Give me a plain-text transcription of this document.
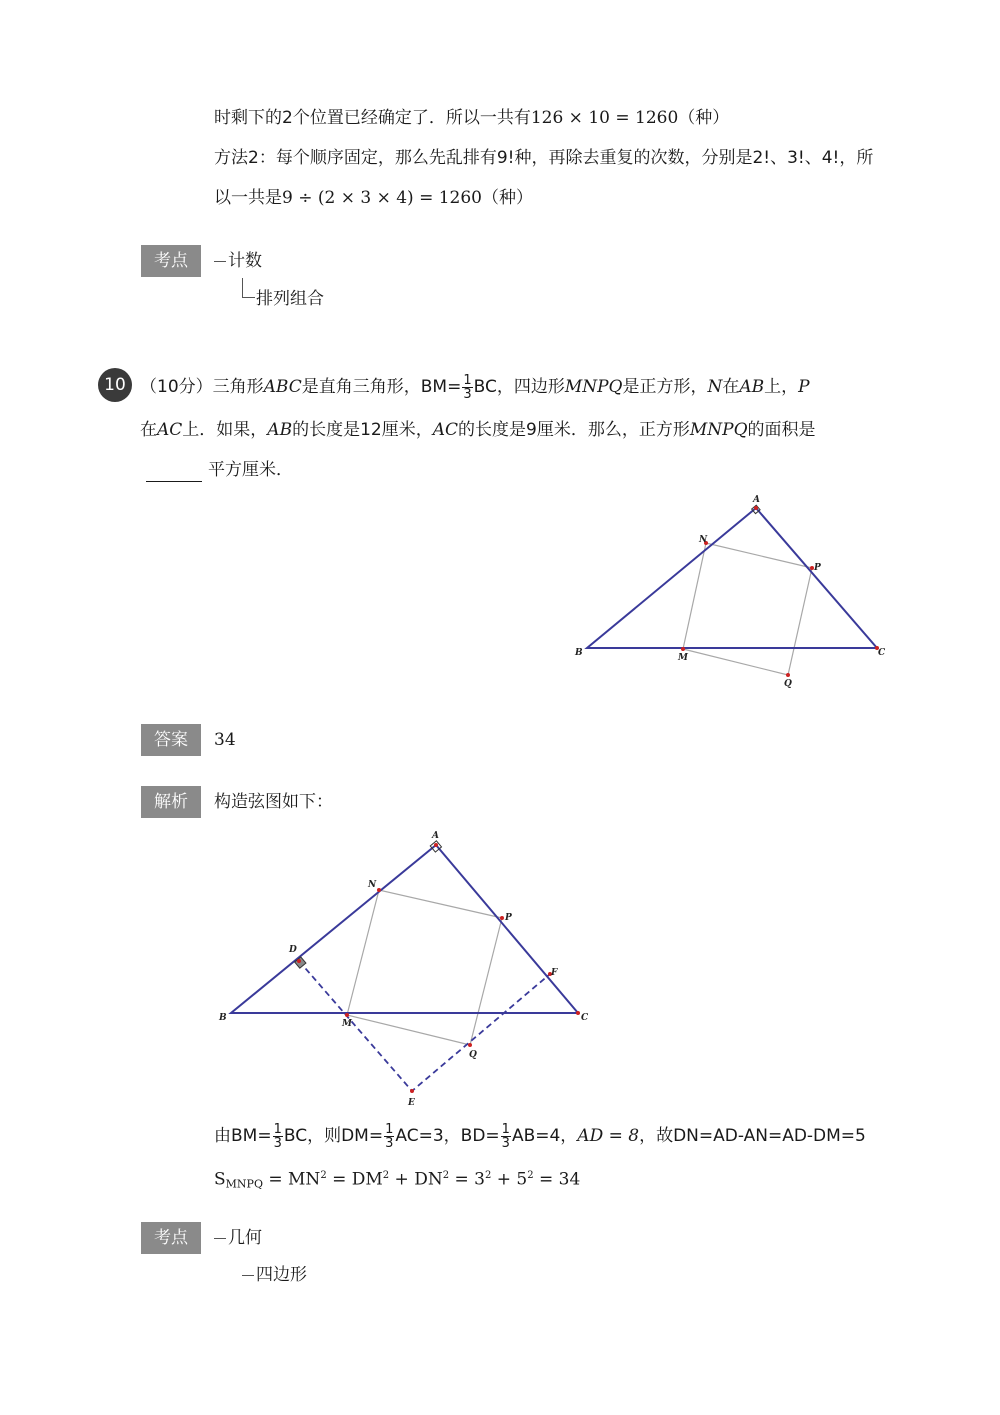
时剩下的2个位置已经确定了．所以一共有126 × 10 = 1260（种）
方法2：每个顺序固定，那么先乱排有9!种，再除去重复的次数，分别是2!、3!、4!，所
以一共是9 ÷ (2 × 3 × 4) = 1260（种）
考点	计数
排列组合
10 （10分）三角形ABC是直角三角形，$BM= \frac{1}{3}$ BC，四边形MNPQ是正方形，N在AB上，P
在AC上．如果，AB的长度是12厘米，AC的长度是9厘米．那么，正方形MNPQ的面积是
平方厘米．
A
B	C
N
P
M
Q
答案	34
解析	构造弦图如下：
A
B	C
N
P
M
Q
D
E
F
由$BM= \frac{1}{3}$ BC，则$DM= \frac{1}{3} AC=3$，$BD= \frac{1}{3} AB=4$，AD = 8，故DN=AD-AN=AD-DM=5
$S_{MNPQ} = MN^2 = DM^2 + DN^2 = 3^2 + 5^2 = 34$
考点	几何
四边形
